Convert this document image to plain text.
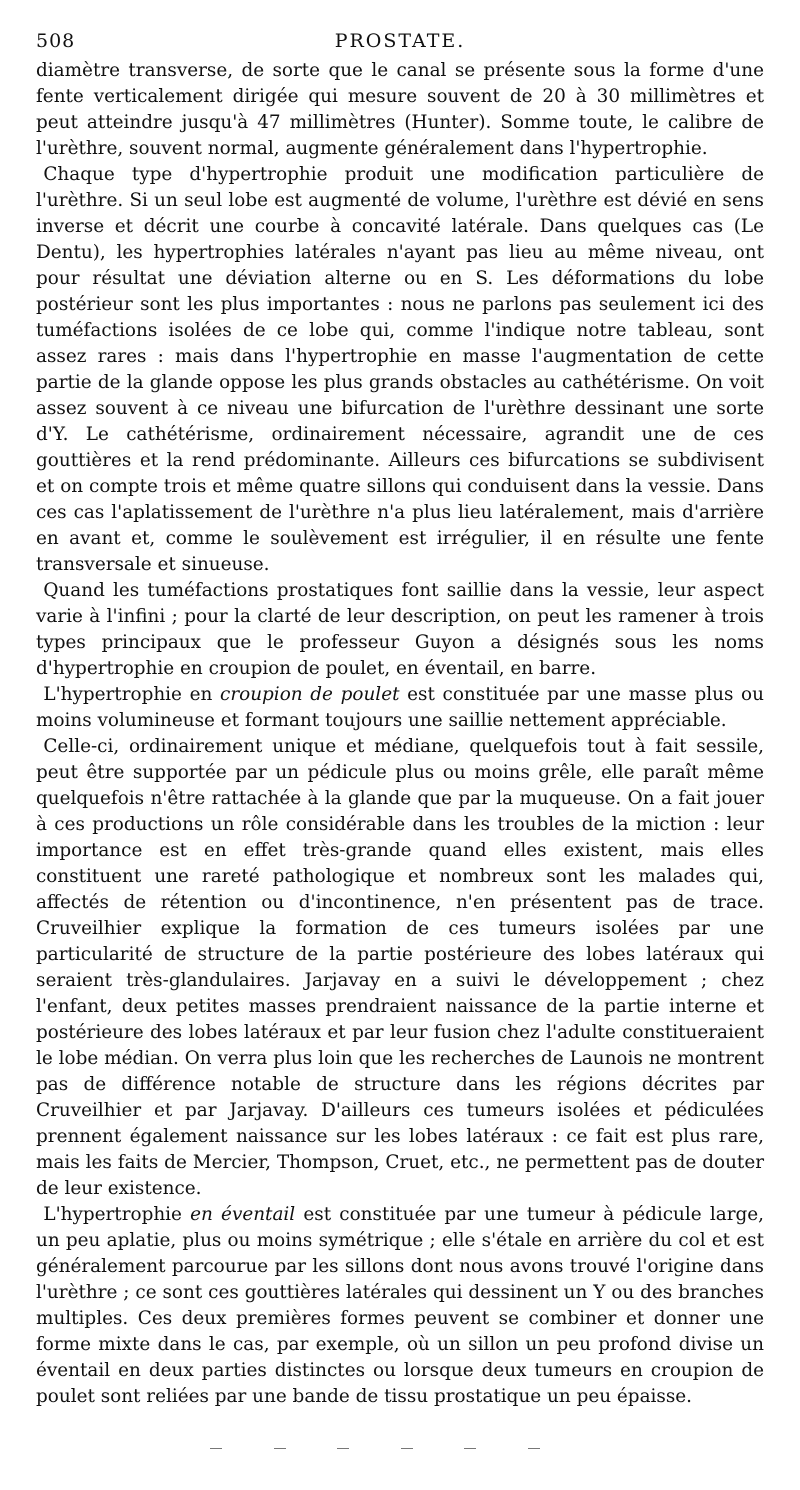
508	PROSTATE.

diamètre transverse, de sorte que le canal se présente sous la forme d'une fente verticalement dirigée qui mesure souvent de 20 à 30 millimètres et peut atteindre jusqu'à 47 millimètres (Hunter). Somme toute, le calibre de l'urèthre, souvent normal, augmente généralement dans l'hypertrophie.

Chaque type d'hypertrophie produit une modification particulière de l'urèthre. Si un seul lobe est augmenté de volume, l'urèthre est dévié en sens inverse et décrit une courbe à concavité latérale. Dans quelques cas (Le Dentu), les hypertrophies latérales n'ayant pas lieu au même niveau, ont pour résultat une déviation alterne ou en S. Les déformations du lobe postérieur sont les plus importantes : nous ne parlons pas seulement ici des tuméfactions isolées de ce lobe qui, comme l'indique notre tableau, sont assez rares : mais dans l'hypertrophie en masse l'augmentation de cette partie de la glande oppose les plus grands obstacles au cathétérisme. On voit assez souvent à ce niveau une bifurcation de l'urèthre dessinant une sorte d'Y. Le cathétérisme, ordinairement nécessaire, agrandit une de ces gouttières et la rend prédominante. Ailleurs ces bifurcations se subdivisent et on compte trois et même quatre sillons qui conduisent dans la vessie. Dans ces cas l'aplatissement de l'urèthre n'a plus lieu latéralement, mais d'arrière en avant et, comme le soulèvement est irrégulier, il en résulte une fente transversale et sinueuse.

Quand les tuméfactions prostatiques font saillie dans la vessie, leur aspect varie à l'infini ; pour la clarté de leur description, on peut les ramener à trois types principaux que le professeur Guyon a désignés sous les noms d'hypertrophie en croupion de poulet, en éventail, en barre.

L'hypertrophie en croupion de poulet est constituée par une masse plus ou moins volumineuse et formant toujours une saillie nettement appréciable.

Celle-ci, ordinairement unique et médiane, quelquefois tout à fait sessile, peut être supportée par un pédicule plus ou moins grêle, elle paraît même quelquefois n'être rattachée à la glande que par la muqueuse. On a fait jouer à ces productions un rôle considérable dans les troubles de la miction : leur importance est en effet très-grande quand elles existent, mais elles constituent une rareté pathologique et nombreux sont les malades qui, affectés de rétention ou d'incontinence, n'en présentent pas de trace. Cruveilhier explique la formation de ces tumeurs isolées par une particularité de structure de la partie postérieure des lobes latéraux qui seraient très-glandulaires. Jarjavay en a suivi le développement ; chez l'enfant, deux petites masses prendraient naissance de la partie interne et postérieure des lobes latéraux et par leur fusion chez l'adulte constitueraient le lobe médian. On verra plus loin que les recherches de Launois ne montrent pas de différence notable de structure dans les régions décrites par Cruveilhier et par Jarjavay. D'ailleurs ces tumeurs isolées et pédiculées prennent également naissance sur les lobes latéraux : ce fait est plus rare, mais les faits de Mercier, Thompson, Cruet, etc., ne permettent pas de douter de leur existence.

L'hypertrophie en éventail est constituée par une tumeur à pédicule large, un peu aplatie, plus ou moins symétrique ; elle s'étale en arrière du col et est généralement parcourue par les sillons dont nous avons trouvé l'origine dans l'urèthre ; ce sont ces gouttières latérales qui dessinent un Y ou des branches multiples. Ces deux premières formes peuvent se combiner et donner une forme mixte dans le cas, par exemple, où un sillon un peu profond divise un éventail en deux parties distinctes ou lorsque deux tumeurs en croupion de poulet sont reliées par une bande de tissu prostatique un peu épaisse.
